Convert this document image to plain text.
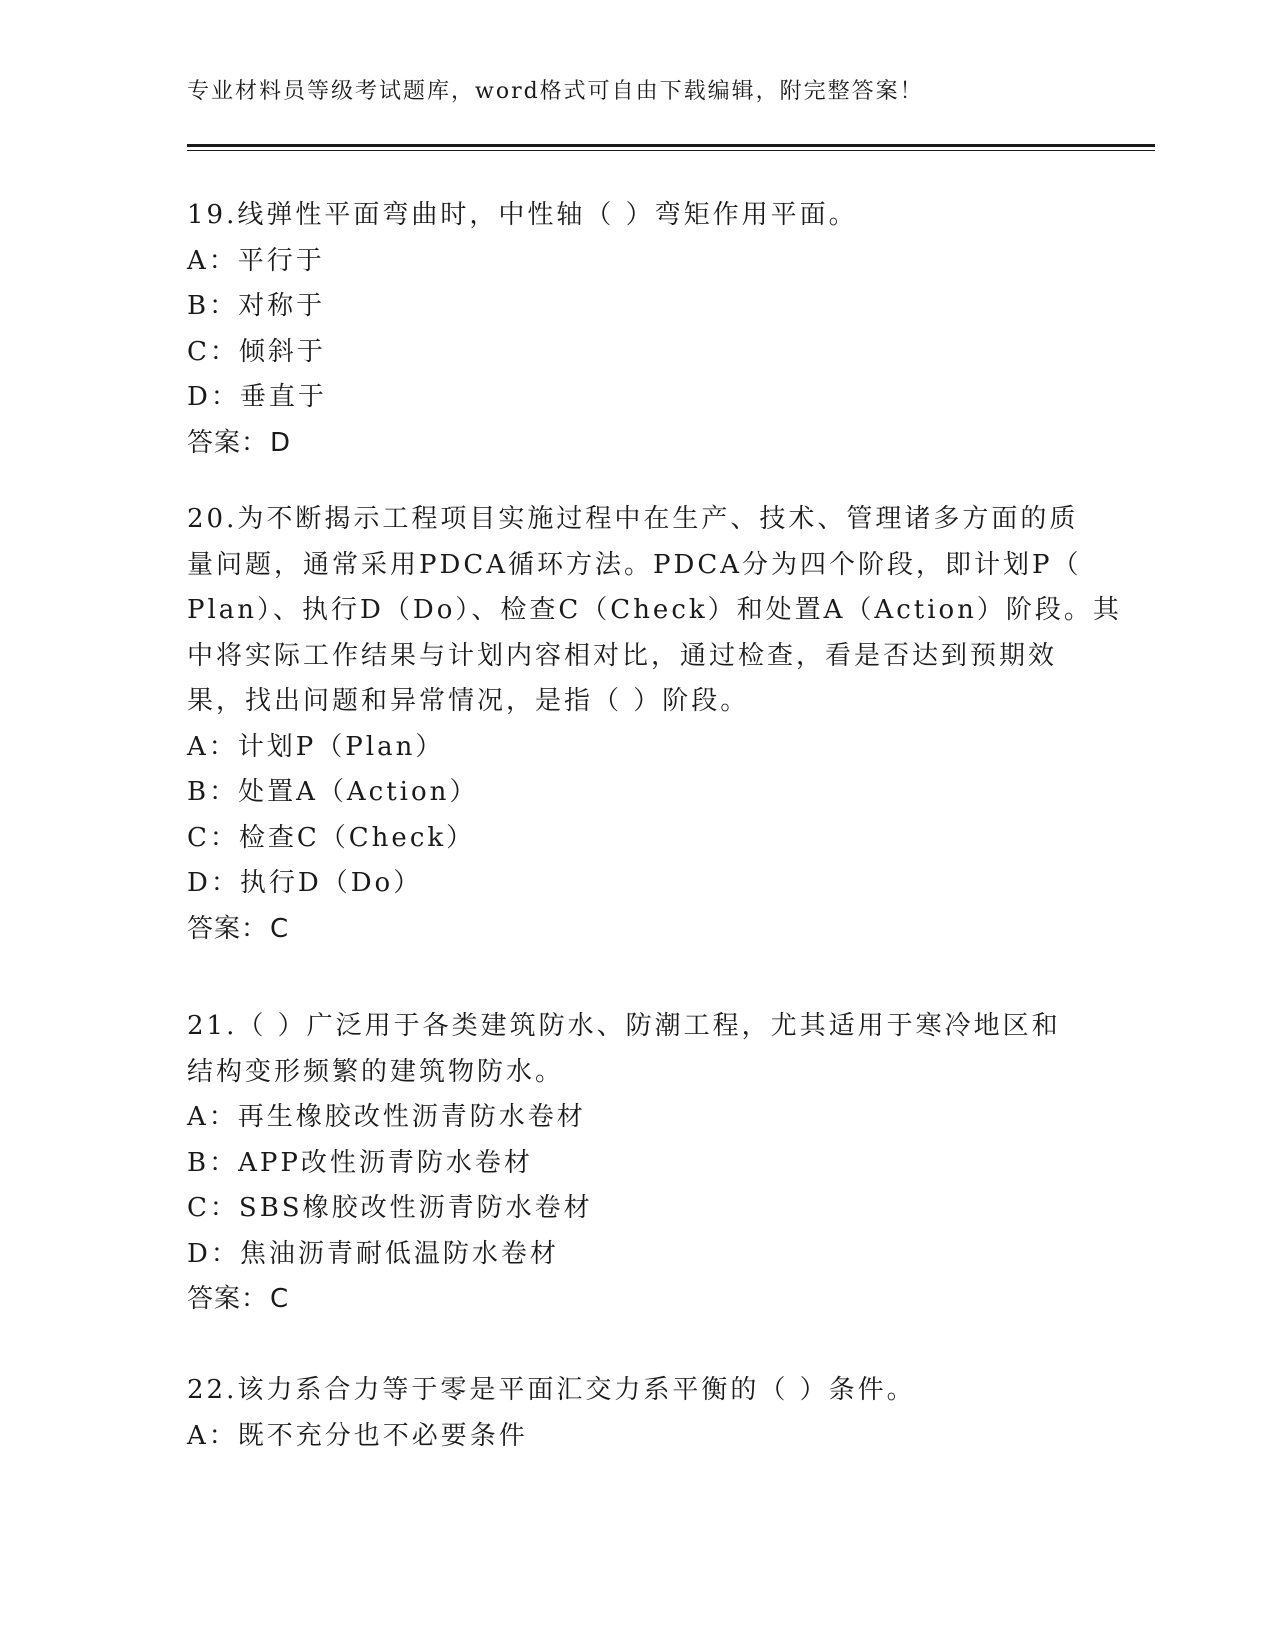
专业材料员等级考试题库，word格式可自由下载编辑，附完整答案！
19.线弹性平面弯曲时，中性轴（ ）弯矩作用平面。
A：平行于
B：对称于
C：倾斜于
D：垂直于
答案：D
20.为不断揭示工程项目实施过程中在生产、技术、管理诸多方面的质
量问题，通常采用PDCA循环方法。PDCA分为四个阶段，即计划P（
Plan）、执行D（Do）、检查C（Check）和处置A（Action）阶段。其
中将实际工作结果与计划内容相对比，通过检查，看是否达到预期效
果，找出问题和异常情况，是指（ ）阶段。
A：计划P（Plan）
B：处置A（Action）
C：检查C（Check）
D：执行D（Do）
答案：C
21.（ ）广泛用于各类建筑防水、防潮工程，尤其适用于寒冷地区和
结构变形频繁的建筑物防水。
A：再生橡胶改性沥青防水卷材
B：APP改性沥青防水卷材
C：SBS橡胶改性沥青防水卷材
D：焦油沥青耐低温防水卷材
答案：C
22.该力系合力等于零是平面汇交力系平衡的（ ）条件。
A：既不充分也不必要条件
